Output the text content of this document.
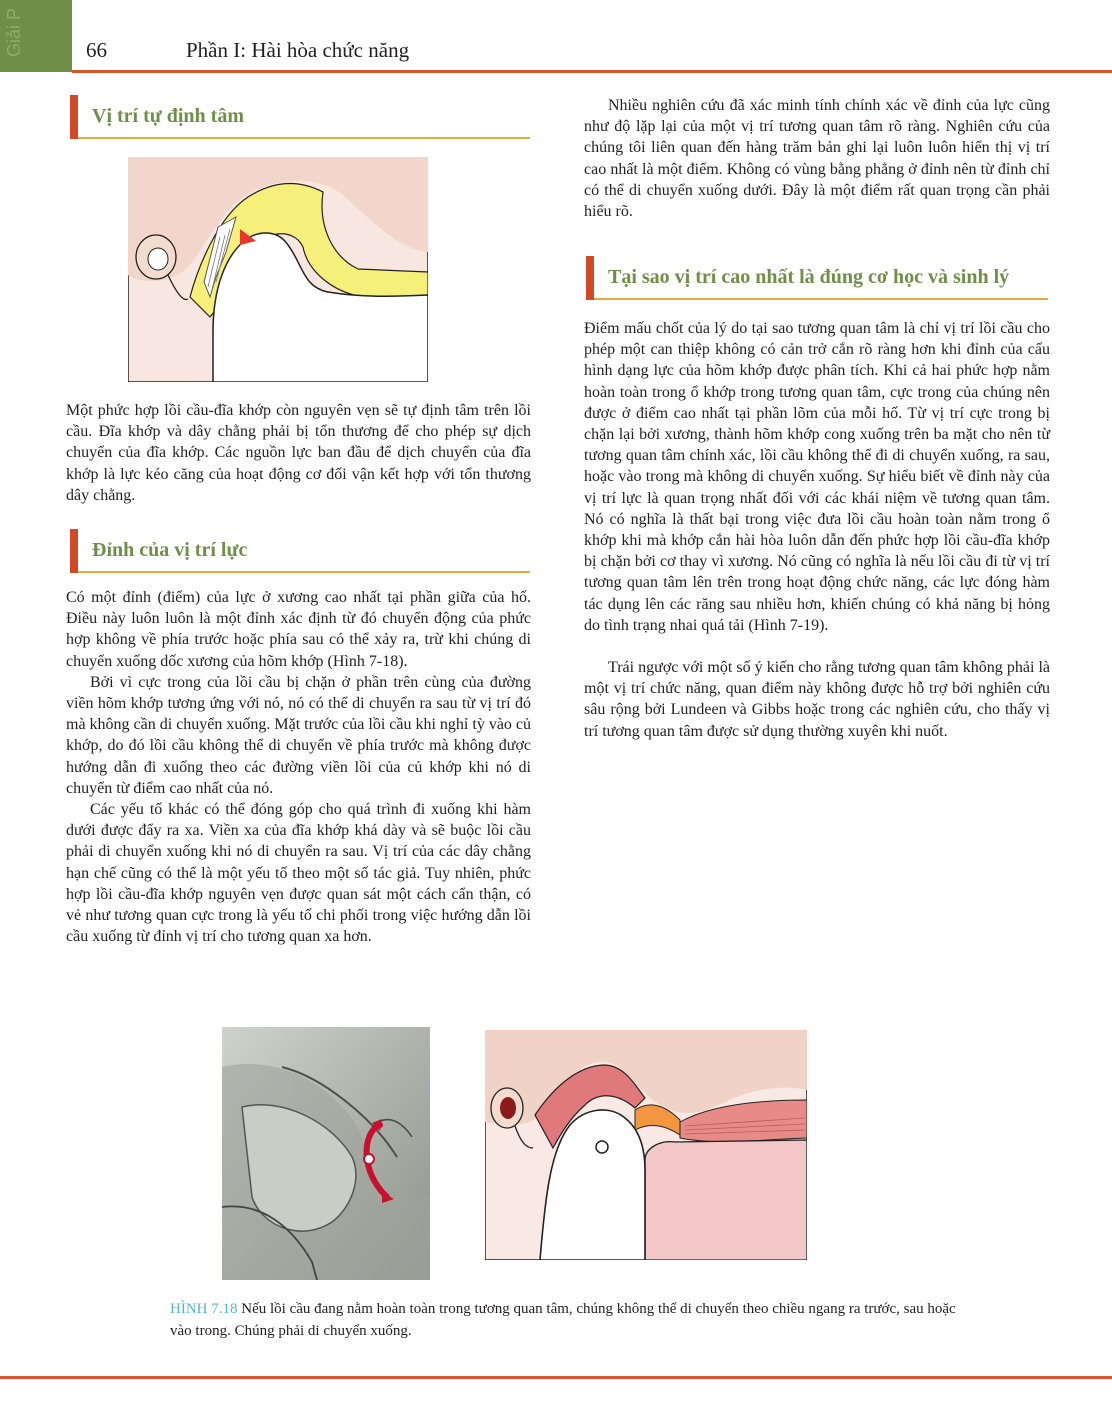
Giải P	66	Phần I: Hài hòa chức năng
Vị trí tự định tâm

Một phức hợp lồi cầu-đĩa khớp còn nguyên vẹn sẽ tự định tâm trên lồi cầu. Đĩa khớp và dây chằng phải bị tổn thương để cho phép sự dịch chuyển của đĩa khớp. Các nguồn lực ban đầu để dịch chuyển của đĩa khớp là lực kéo căng của hoạt động cơ đối vận kết hợp với tổn thương dây chằng.

Đỉnh của vị trí lực

Có một đỉnh (điểm) của lực ở xương cao nhất tại phần giữa của hố. Điều này luôn luôn là một đỉnh xác định từ đó chuyển động của phức hợp không về phía trước hoặc phía sau có thể xảy ra, trừ khi chúng di chuyển xuống dốc xương của hõm khớp (Hình 7-18).

Bởi vì cực trong của lồi cầu bị chặn ở phần trên cùng của đường viền hõm khớp tương ứng với nó, nó có thể di chuyển ra sau từ vị trí đó mà không cần di chuyển xuống. Mặt trước của lồi cầu khi nghỉ tỳ vào củ khớp, do đó lồi cầu không thể di chuyển về phía trước mà không được hướng dẫn đi xuống theo các đường viền lồi của củ khớp khi nó di chuyển từ điểm cao nhất của nó.

Các yếu tố khác có thể đóng góp cho quá trình đi xuống khi hàm dưới được đẩy ra xa. Viền xa của đĩa khớp khá dày và sẽ buộc lồi cầu phải di chuyển xuống khi nó di chuyển ra sau. Vị trí của các dây chằng hạn chế cũng có thể là một yếu tố theo một số tác giả. Tuy nhiên, phức hợp lồi cầu-đĩa khớp nguyên vẹn được quan sát một cách cẩn thận, có vẻ như tương quan cực trong là yếu tố chi phối trong việc hướng dẫn lồi cầu xuống từ đỉnh vị trí cho tương quan xa hơn.

Nhiều nghiên cứu đã xác minh tính chính xác về đỉnh của lực cũng như độ lặp lại của một vị trí tương quan tâm rõ ràng. Nghiên cứu của chúng tôi liên quan đến hàng trăm bản ghi lại luôn luôn hiển thị vị trí cao nhất là một điểm. Không có vùng bằng phẳng ở đỉnh nên từ đỉnh chỉ có thể di chuyển xuống dưới. Đây là một điểm rất quan trọng cần phải hiểu rõ.

Tại sao vị trí cao nhất là đúng cơ học và sinh lý

Điểm mấu chốt của lý do tại sao tương quan tâm là chỉ vị trí lồi cầu cho phép một can thiệp không có cản trở cắn rõ ràng hơn khi đỉnh của cấu hình dạng lực của hõm khớp được phân tích. Khi cả hai phức hợp nằm hoàn toàn trong ổ khớp trong tương quan tâm, cực trong của chúng nên được ở điểm cao nhất tại phần lõm của mỗi hố. Từ vị trí cực trong bị chặn lại bởi xương, thành hõm khớp cong xuống trên ba mặt cho nên từ tương quan tâm chính xác, lồi cầu không thể đi di chuyển xuống, ra sau, hoặc vào trong mà không di chuyển xuống. Sự hiểu biết về đỉnh này của vị trí lực là quan trọng nhất đối với các khái niệm về tương quan tâm. Nó có nghĩa là thất bại trong việc đưa lồi cầu hoàn toàn nằm trong ổ khớp khi mà khớp cắn hài hòa luôn dẫn đến phức hợp lồi cầu-đĩa khớp bị chặn bởi cơ thay vì xương. Nó cũng có nghĩa là nếu lồi cầu đi từ vị trí tương quan tâm lên trên trong hoạt động chức năng, các lực đóng hàm tác dụng lên các răng sau nhiều hơn, khiến chúng có khả năng bị hỏng do tình trạng nhai quá tải (Hình 7-19).

Trái ngược với một số ý kiến cho rằng tương quan tâm không phải là một vị trí chức năng, quan điểm này không được hỗ trợ bởi nghiên cứu sâu rộng bởi Lundeen và Gibbs hoặc trong các nghiên cứu, cho thấy vị trí tương quan tâm được sử dụng thường xuyên khi nuốt.

HÌNH 7.18 Nếu lồi cầu đang nằm hoàn toàn trong tương quan tâm, chúng không thể di chuyển theo chiều ngang ra trước, sau hoặc vào trong. Chúng phải di chuyển xuống.
